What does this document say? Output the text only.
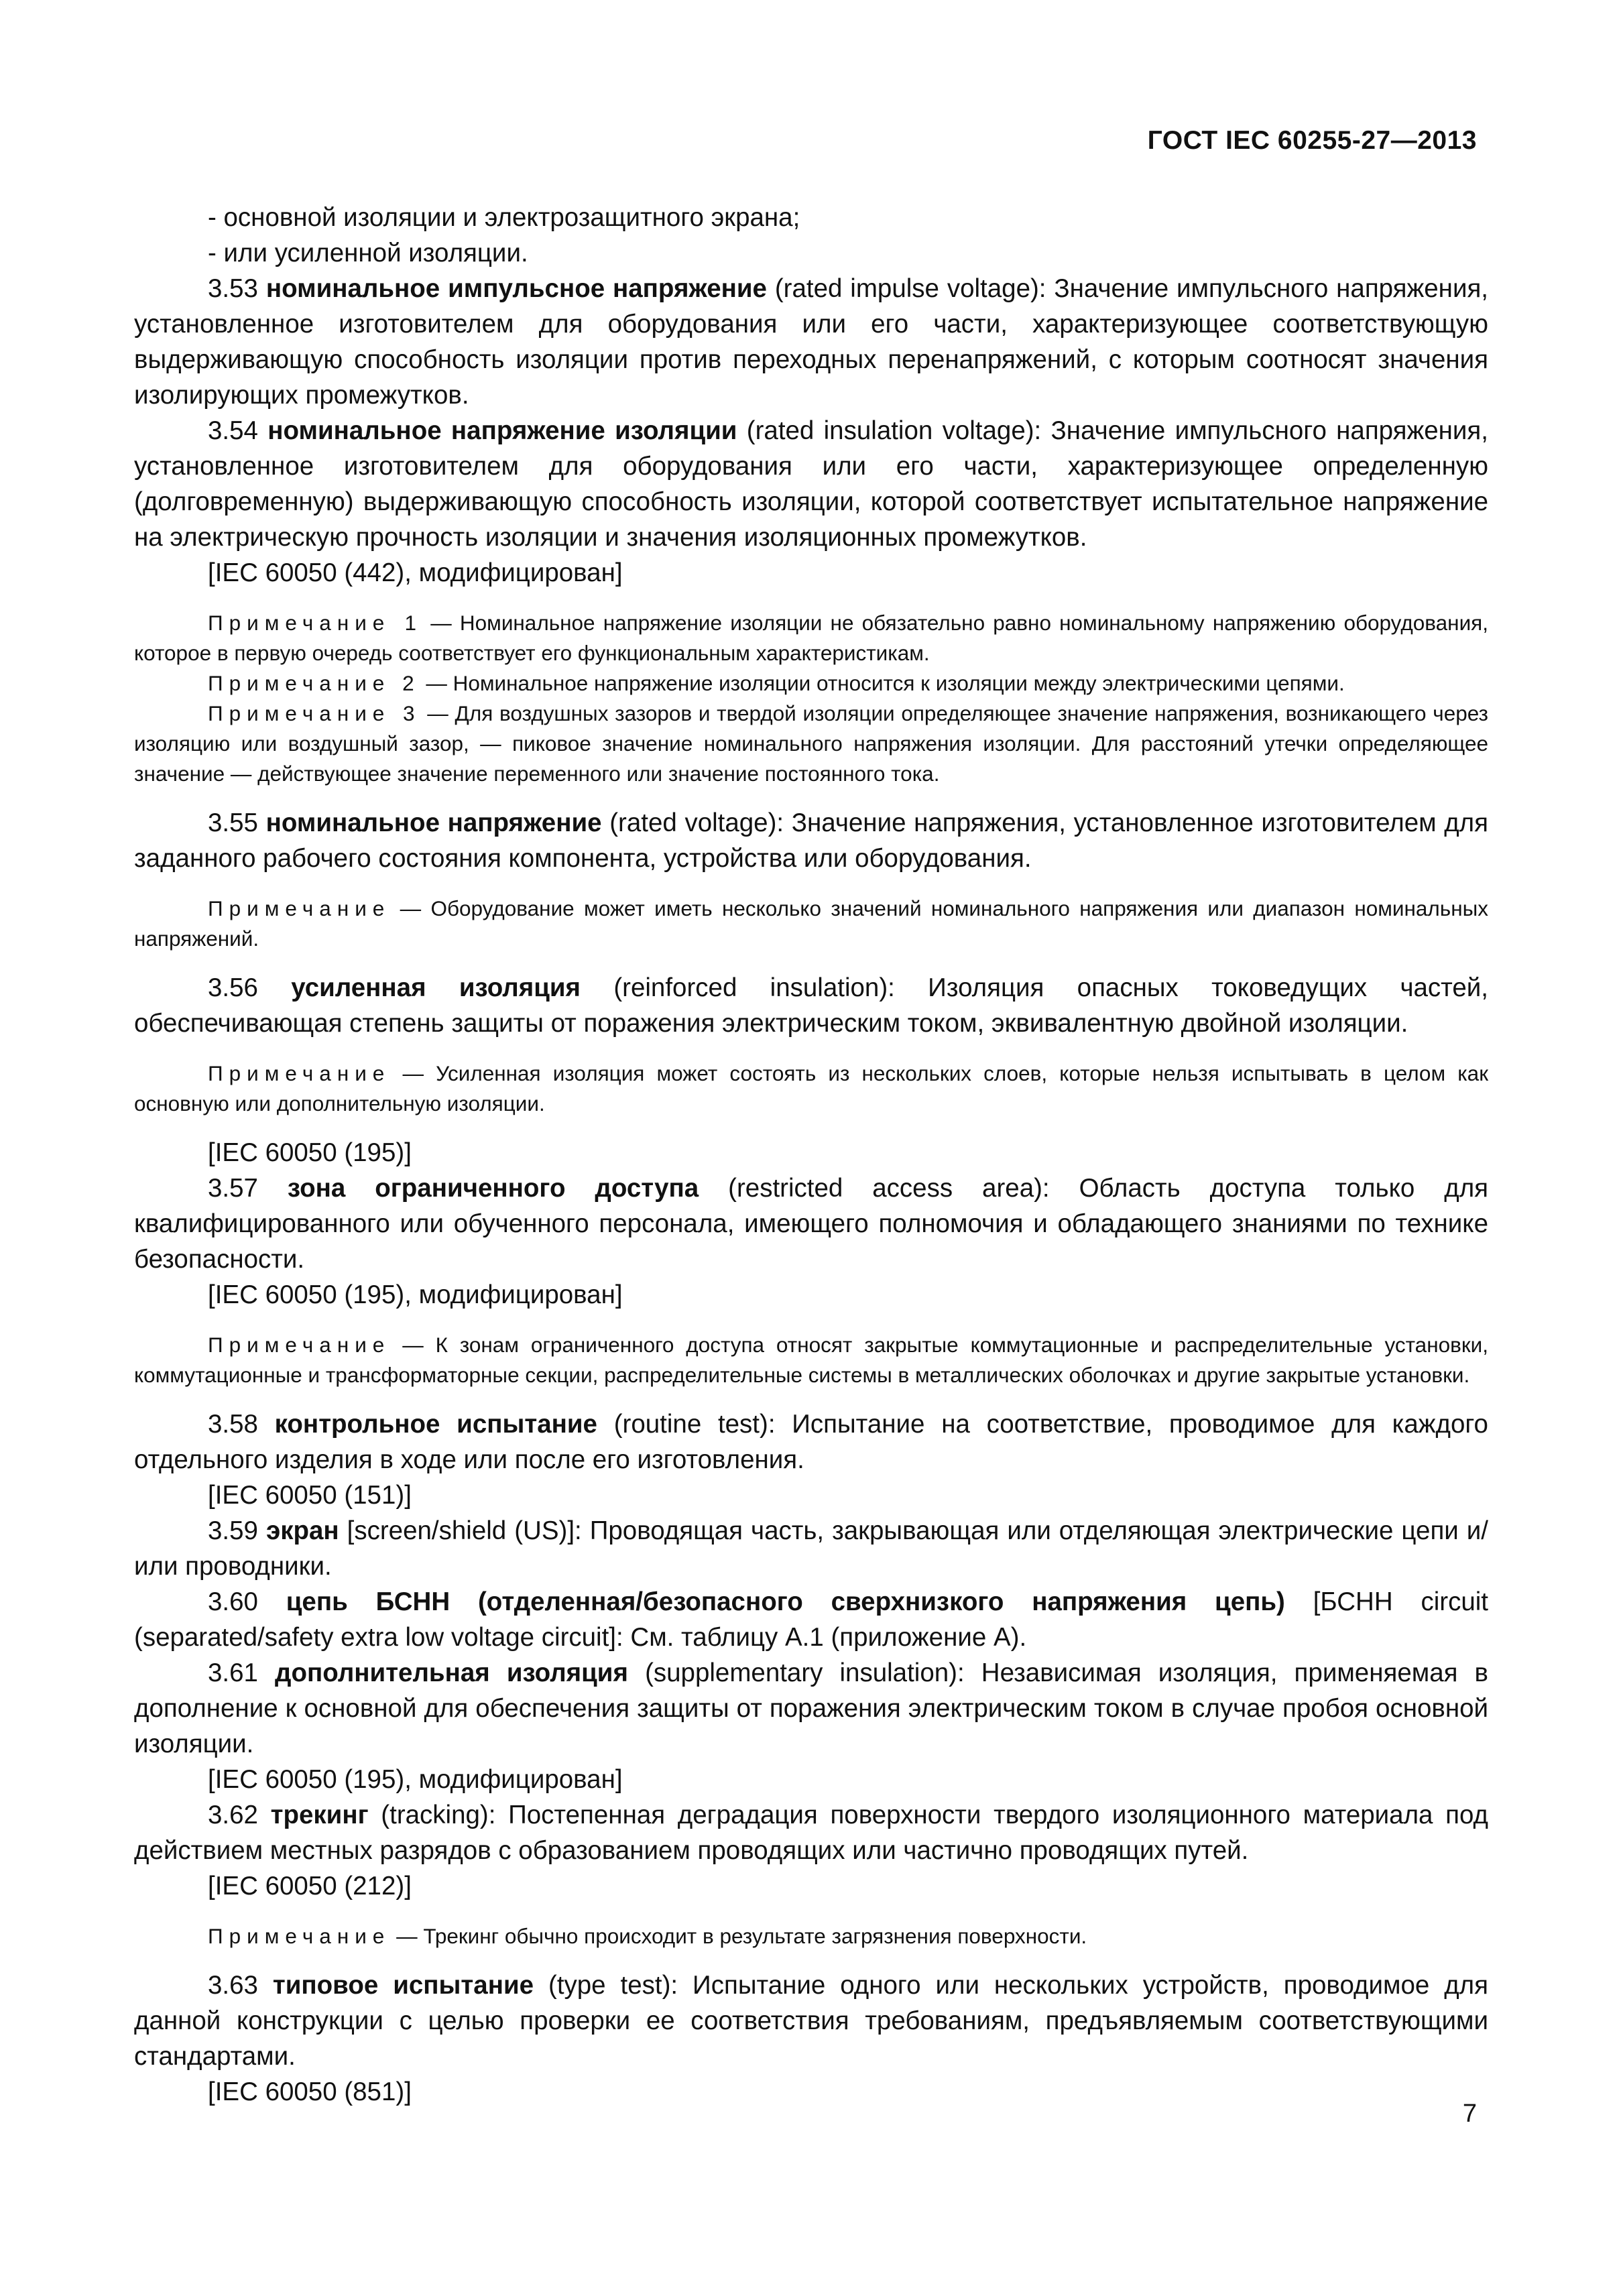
ГОСТ IEC 60255-27—2013

- основной изоляции и электрозащитного экрана;

- или усиленной изоляции.

3.53 номинальное импульсное напряжение (rated impulse voltage): Значение импульсного напряжения, установленное изготовителем для оборудования или его части, характеризующее соответствующую выдерживающую способность изоляции против переходных перенапряжений, с которым соотносят значения изолирующих промежутков.

3.54 номинальное напряжение изоляции (rated insulation voltage): Значение импульсного напряжения, установленное изготовителем для оборудования или его части, характеризующее определенную (долговременную) выдерживающую способность изоляции, которой соответствует испытательное напряжение на электрическую прочность изоляции и значения изоляционных промежутков.

[IEC 60050 (442), модифицирован]

Примечание 1 — Номинальное напряжение изоляции не обязательно равно номинальному напряжению оборудования, которое в первую очередь соответствует его функциональным характеристикам.

Примечание 2 — Номинальное напряжение изоляции относится к изоляции между электрическими цепями.

Примечание 3 — Для воздушных зазоров и твердой изоляции определяющее значение напряжения, возникающего через изоляцию или воздушный зазор, — пиковое значение номинального напряжения изоляции. Для расстояний утечки определяющее значение — действующее значение переменного или значение постоянного тока.

3.55 номинальное напряжение (rated voltage): Значение напряжения, установленное изготовителем для заданного рабочего состояния компонента, устройства или оборудования.

Примечание — Оборудование может иметь несколько значений номинального напряжения или диапазон номинальных напряжений.

3.56 усиленная изоляция (reinforced insulation): Изоляция опасных токоведущих частей, обеспечивающая степень защиты от поражения электрическим током, эквивалентную двойной изоляции.

Примечание — Усиленная изоляция может состоять из нескольких слоев, которые нельзя испытывать в целом как основную или дополнительную изоляции.

[IEC 60050 (195)]

3.57 зона ограниченного доступа (restricted access area): Область доступа только для квалифицированного или обученного персонала, имеющего полномочия и обладающего знаниями по технике безопасности.

[IEC 60050 (195), модифицирован]

Примечание — К зонам ограниченного доступа относят закрытые коммутационные и распределительные установки, коммутационные и трансформаторные секции, распределительные системы в металлических оболочках и другие закрытые установки.

3.58 контрольное испытание (routine test): Испытание на соответствие, проводимое для каждого отдельного изделия в ходе или после его изготовления.

[IEC 60050 (151)]

3.59 экран [screen/shield (US)]: Проводящая часть, закрывающая или отделяющая электрические цепи и/или проводники.

3.60 цепь БСНН (отделенная/безопасного сверхнизкого напряжения цепь) [БСНН circuit (separated/safety extra low voltage circuit]: См. таблицу А.1 (приложение А).

3.61 дополнительная изоляция (supplementary insulation): Независимая изоляция, применяемая в дополнение к основной для обеспечения защиты от поражения электрическим током в случае пробоя основной изоляции.

[IEC 60050 (195), модифицирован]

3.62 трекинг (tracking): Постепенная деградация поверхности твердого изоляционного материала под действием местных разрядов с образованием проводящих или частично проводящих путей.

[IEC 60050 (212)]

Примечание — Трекинг обычно происходит в результате загрязнения поверхности.

3.63 типовое испытание (type test): Испытание одного или нескольких устройств, проводимое для данной конструкции с целью проверки ее соответствия требованиям, предъявляемым соответствующими стандартами.

[IEC 60050 (851)]

7
